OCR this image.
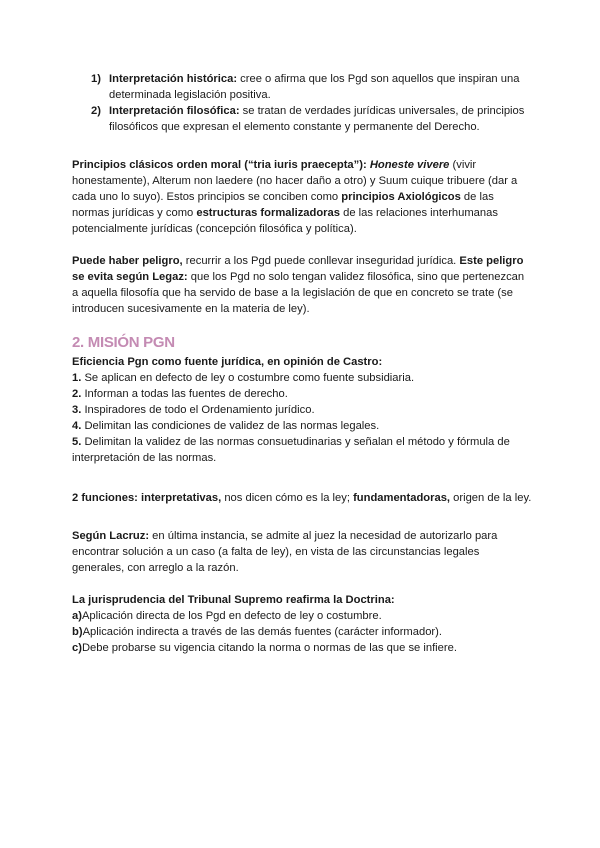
1) Interpretación histórica: cree o afirma que los Pgd son aquellos que inspiran una determinada legislación positiva.
2) Interpretación filosófica: se tratan de verdades jurídicas universales, de principios filosóficos que expresan el elemento constante y permanente del Derecho.

Principios clásicos orden moral (“tria iuris praecepta”): Honeste vivere (vivir honestamente), Alterum non laedere (no hacer daño a otro) y Suum cuique tribuere (dar a cada uno lo suyo). Estos principios se conciben como principios Axiológicos de las normas jurídicas y como estructuras formalizadoras de las relaciones interhumanas potencialmente jurídicas (concepción filosófica y política).

Puede haber peligro, recurrir a los Pgd puede conllevar inseguridad jurídica. Este peligro se evita según Legaz: que los Pgd no solo tengan validez filosófica, sino que pertenezcan a aquella filosofía que ha servido de base a la legislación de que en concreto se trate (se introducen sucesivamente en la materia de ley).

2. MISIÓN PGN

Eficiencia Pgn como fuente jurídica, en opinión de Castro:
1. Se aplican en defecto de ley o costumbre como fuente subsidiaria.
2. Informan a todas las fuentes de derecho.
3. Inspiradores de todo el Ordenamiento jurídico.
4. Delimitan las condiciones de validez de las normas legales.
5. Delimitan la validez de las normas consuetudinarias y señalan el método y fórmula de interpretación de las normas.

2 funciones: interpretativas, nos dicen cómo es la ley; fundamentadoras, origen de la ley.

Según Lacruz: en última instancia, se admite al juez la necesidad de autorizarlo para encontrar solución a un caso (a falta de ley), en vista de las circunstancias legales generales, con arreglo a la razón.

La jurisprudencia del Tribunal Supremo reafirma la Doctrina:
a)Aplicación directa de los Pgd en defecto de ley o costumbre.
b)Aplicación indirecta a través de las demás fuentes (carácter informador).
c)Debe probarse su vigencia citando la norma o normas de las que se infiere.
